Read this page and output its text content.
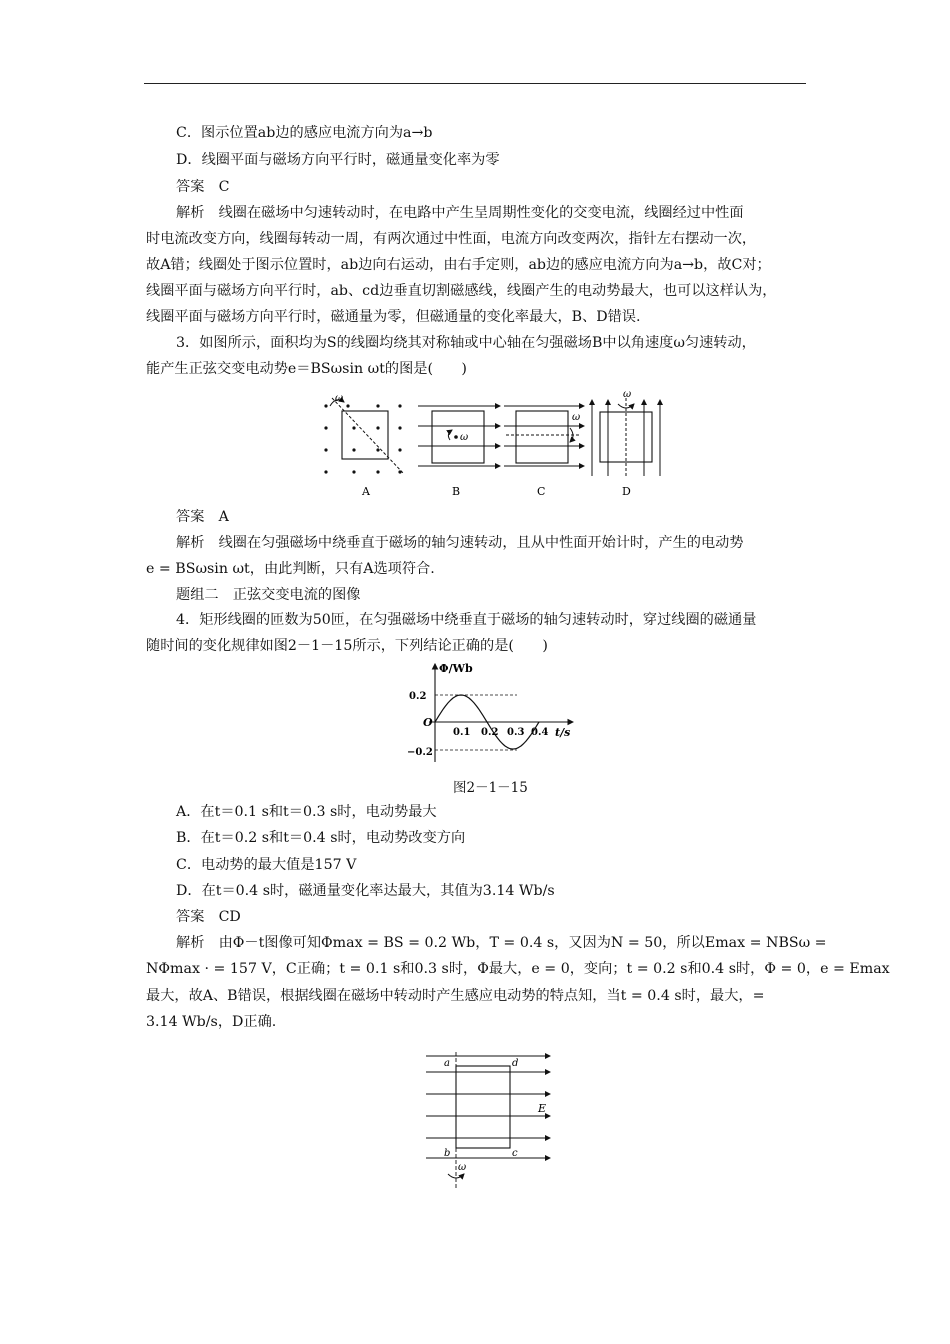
C．图示位置ab边的感应电流方向为a→b
D．线圈平面与磁场方向平行时，磁通量变化率为零
答案　C
解析　线圈在磁场中匀速转动时，在电路中产生呈周期性变化的交变电流，线圈经过中性面
时电流改变方向，线圈每转动一周，有两次通过中性面，电流方向改变两次，指针左右摆动一次，
故A错；线圈处于图示位置时，ab边向右运动，由右手定则，ab边的感应电流方向为a→b，故C对；
线圈平面与磁场方向平行时，ab、cd边垂直切割磁感线，线圈产生的电动势最大，也可以这样认为，
线圈平面与磁场方向平行时，磁通量为零，但磁通量的变化率最大，B、D错误.
3．如图所示，面积均为S的线圈均绕其对称轴或中心轴在匀强磁场B中以角速度ω匀速转动，
能产生正弦交变电动势e＝BSωsin ωt的图是(　　)
ω
A
ω
B
ω
C
ω
D
答案　A
解析　线圈在匀强磁场中绕垂直于磁场的轴匀速转动，且从中性面开始计时，产生的电动势
e = BSωsin ωt，由此判断，只有A选项符合.
题组二　正弦交变电流的图像
4．矩形线圈的匝数为50匝，在匀强磁场中绕垂直于磁场的轴匀速转动时，穿过线圈的磁通量
随时间的变化规律如图2－1－15所示，下列结论正确的是(　　)
Φ/Wb
t/s
O
0.2
−0.2
0.1 0.2 0.3 0.4
图2－1－15
A．在t＝0.1 s和t＝0.3 s时，电动势最大
B．在t＝0.2 s和t＝0.4 s时，电动势改变方向
C．电动势的最大值是157 V
D．在t＝0.4 s时，磁通量变化率达最大，其值为3.14 Wb/s
答案　CD
解析　由Φ－t图像可知Φmax = BS = 0.2 Wb，T = 0.4 s，又因为N = 50，所以Emax = NBSω =
NΦmax · = 157 V，C正确；t = 0.1 s和0.3 s时，Φ最大，e = 0，变向；t = 0.2 s和0.4 s时，Φ = 0，e = Emax
最大，故A、B错误，根据线圈在磁场中转动时产生感应电动势的特点知，当t = 0.4 s时，最大，=
3.14 Wb/s，D正确.
a	d
b	c
E
ω
